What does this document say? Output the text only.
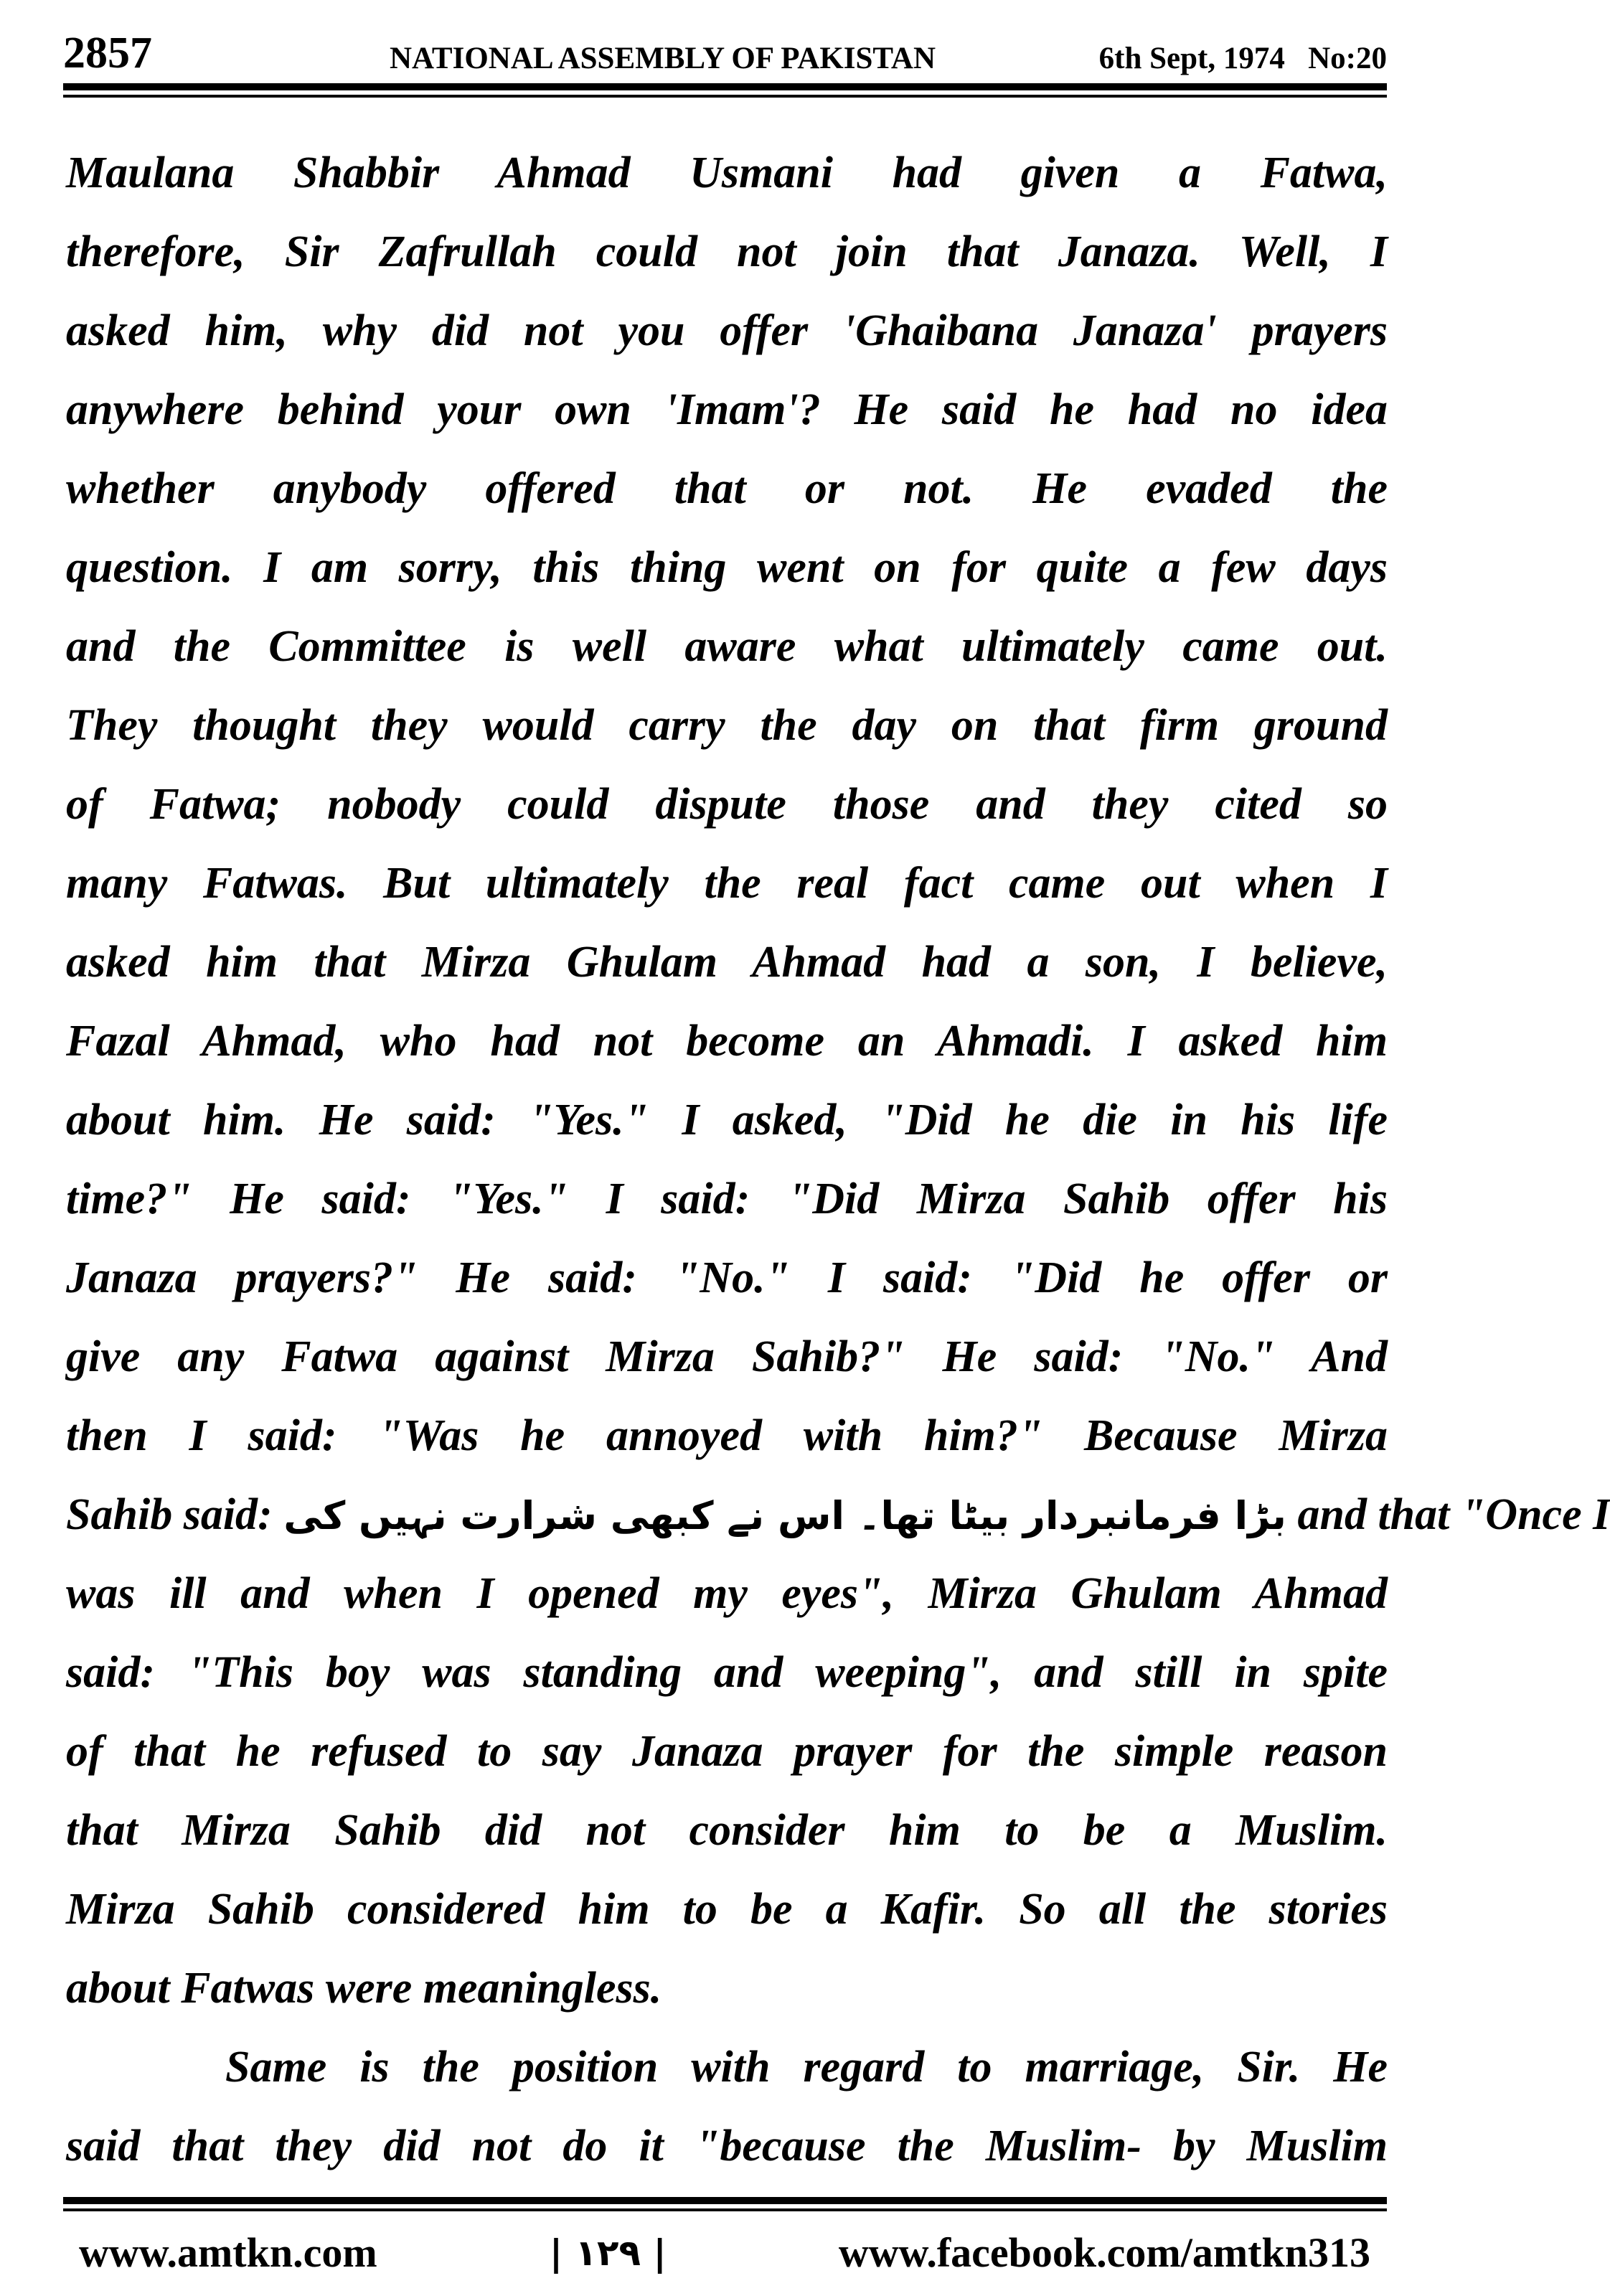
2857	NATIONAL ASSEMBLY OF PAKISTAN	6th Sept, 1974   No:20
Maulana Shabbir Ahmad Usmani had given a Fatwa,
therefore, Sir Zafrullah could not join that Janaza. Well, I
asked him, why did not you offer 'Ghaibana Janaza' prayers
anywhere behind your own 'Imam'? He said he had no idea
whether anybody offered that or not. He evaded the
question. I am sorry, this thing went on for quite a few days
and the Committee is well aware what ultimately came out.
They thought they would carry the day on that firm ground
of Fatwa; nobody could dispute those and they cited so
many Fatwas. But ultimately the real fact came out when I
asked him that Mirza Ghulam Ahmad had a son, I believe,
Fazal Ahmad, who had not become an Ahmadi. I asked him
about him. He said: "Yes." I asked, "Did he die in his life
time?" He said: "Yes." I said: "Did Mirza Sahib offer his
Janaza prayers?" He said: "No." I said: "Did he offer or
give any Fatwa against Mirza Sahib?" He said: "No." And
then I said: "Was he annoyed with him?" Because Mirza
Sahib said: بڑا فرمانبردار بیٹا تھا۔ اس نے کبھی شرارت نہیں کی and that "Once I
was ill and when I opened my eyes", Mirza Ghulam Ahmad
said: "This boy was standing and weeping", and still in spite
of that he refused to say Janaza prayer for the simple reason
that Mirza Sahib did not consider him to be a Muslim.
Mirza Sahib considered him to be a Kafir. So all the stories
about Fatwas were meaningless.
Same is the position with regard to marriage, Sir. He
said that they did not do it "because the Muslim- by Muslim
www.amtkn.com	| ۱۲۹ |	www.facebook.com/amtkn313
